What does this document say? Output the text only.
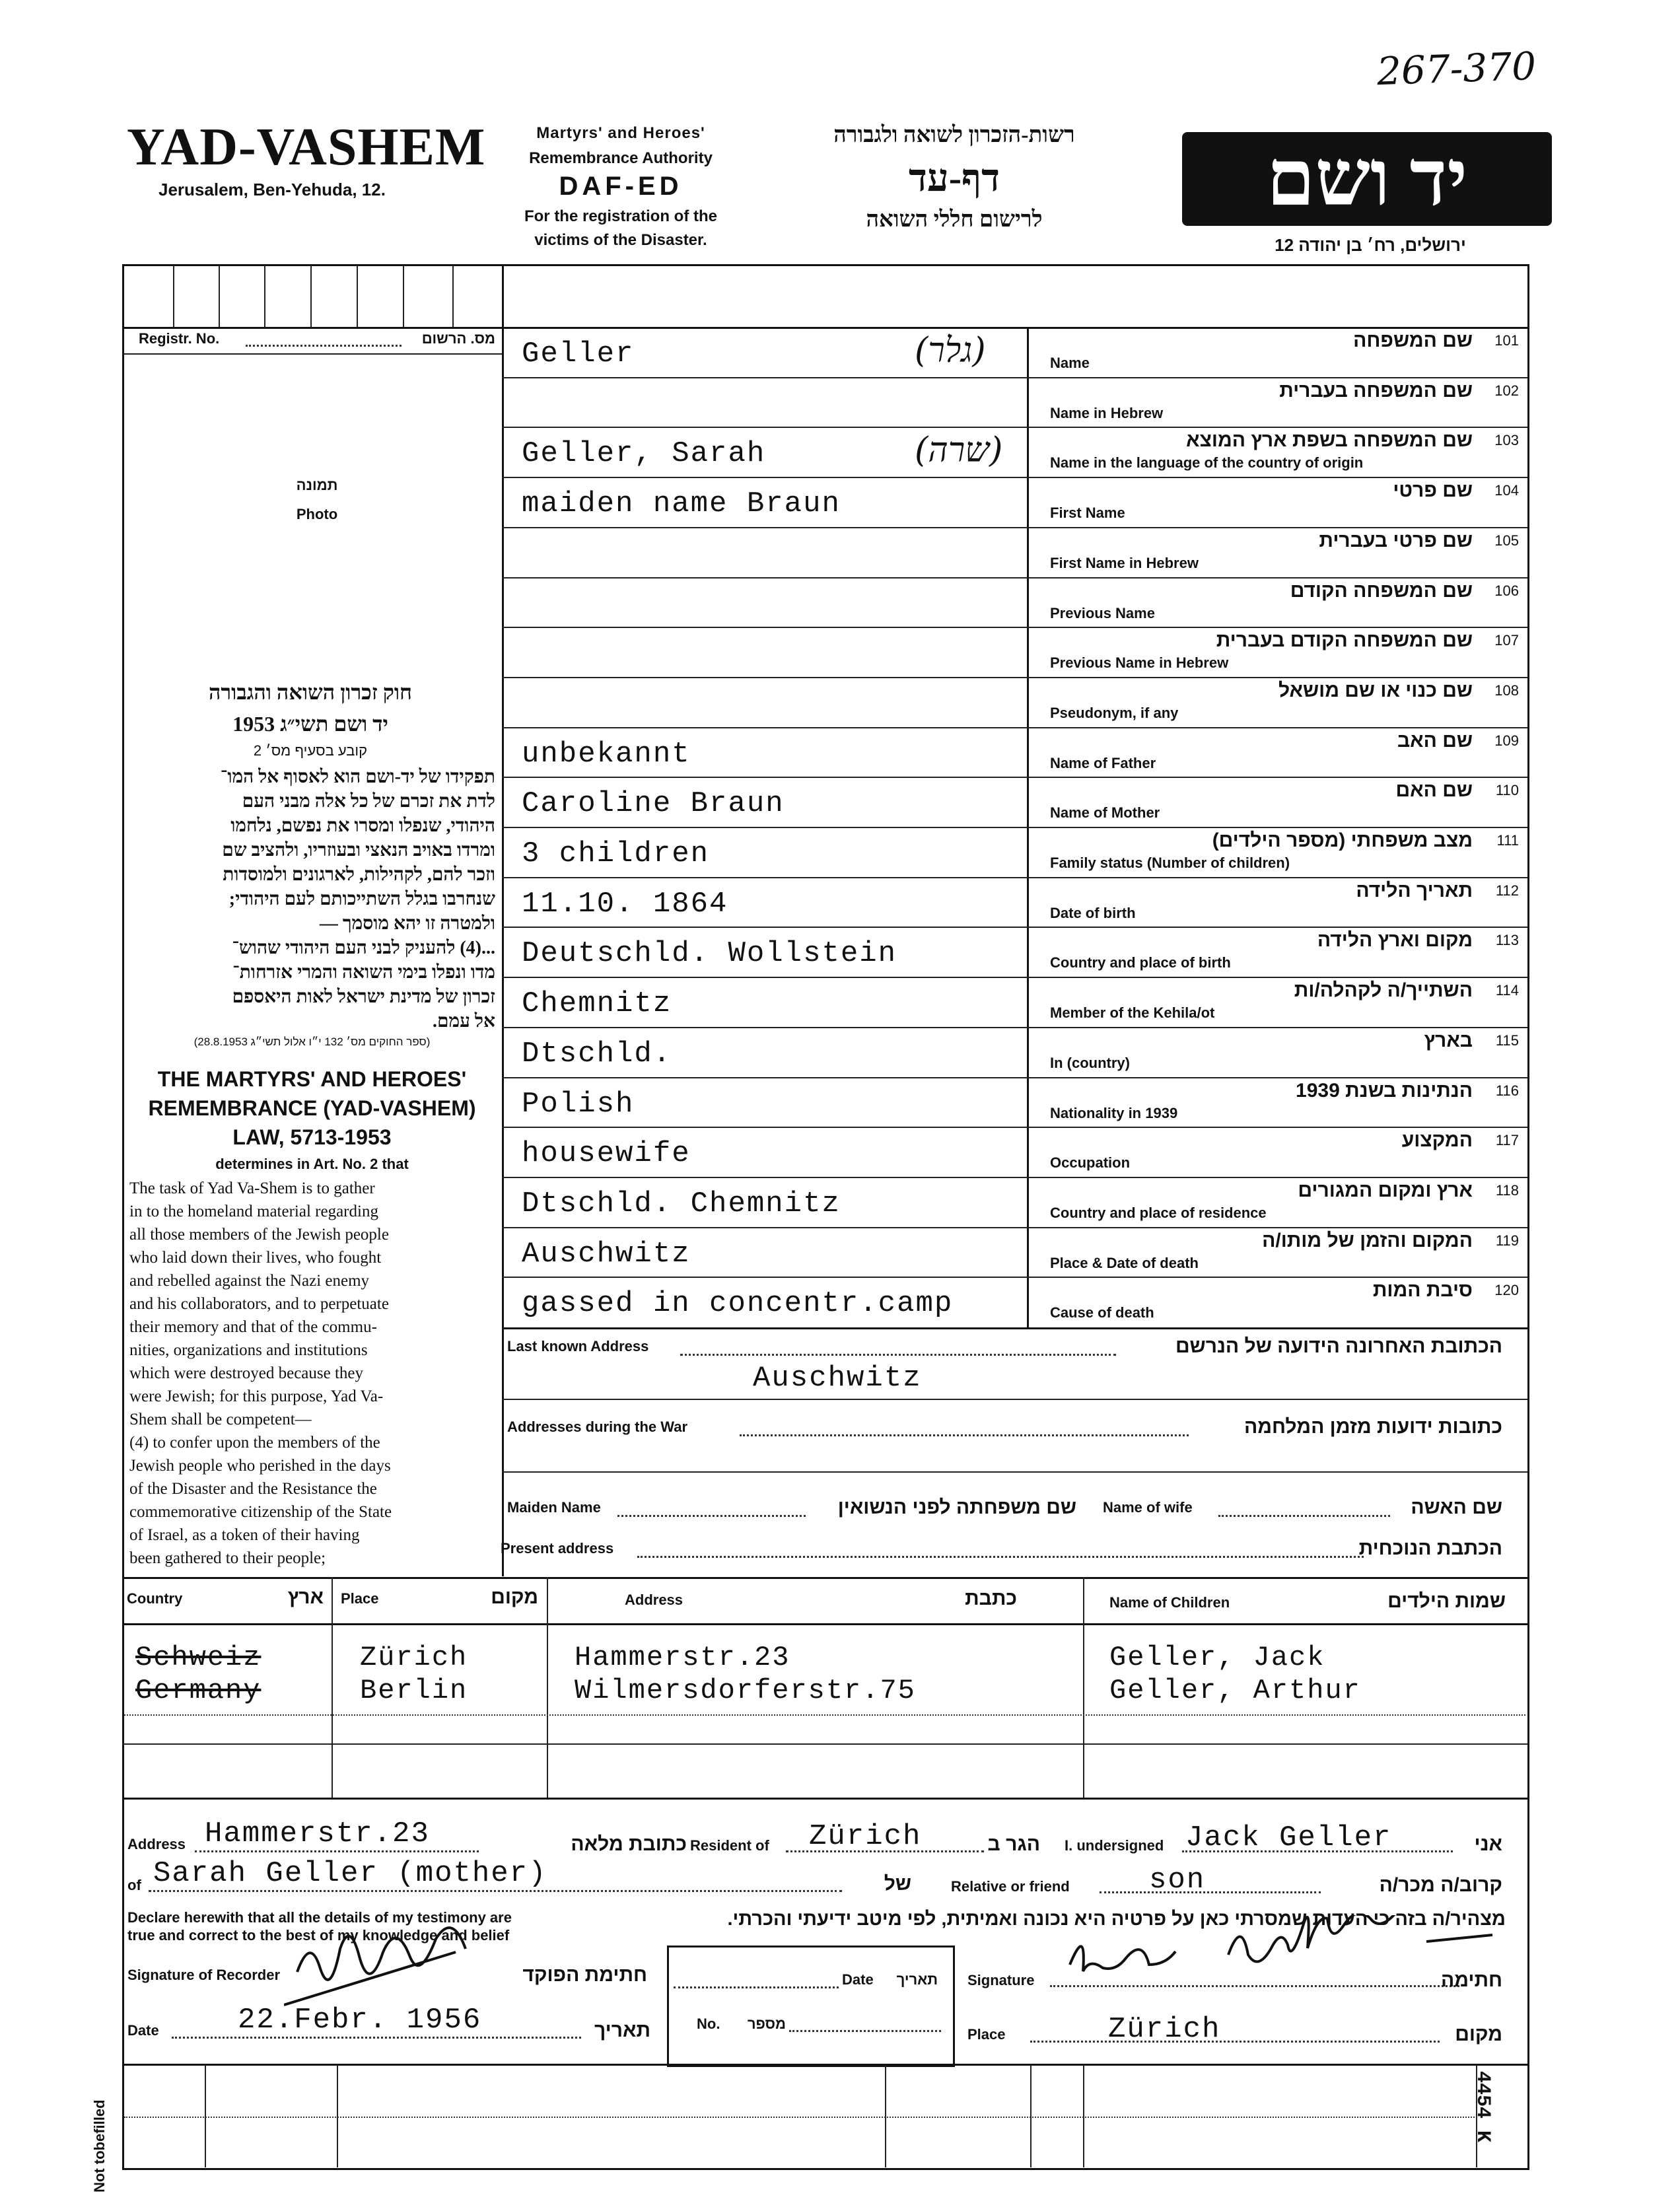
267-370
YAD-VASHEM
Jerusalem, Ben-Yehuda, 12.
Martyrs' and Heroes'
Remembrance Authority
DAF-ED
For the registration of the
victims of the Disaster.
רשות-הזכרון לשואה ולגבורה
דף-עד
לרישום חללי השואה	יד ושם
ירושלים, רח׳ בן יהודה 12
Registr. No.	מס. הרשום
תמונה
Photo
חוק זכרון השואה והגבורה
יד ושם תשי״ג 1953
קובע בסעיף מס׳ 2
תפקידו של יד-ושם הוא לאסוף אל המו־
לדת את זכרם של כל אלה מבני העם
היהודי, שנפלו ומסרו את נפשם, נלחמו
ומרדו באויב הנאצי ובעוזריו, ולהציב שם
וזכר להם, לקהילות, לארגונים ולמוסדות
שנחרבו בגלל השתייכותם לעם היהודי;
ולמטרה זו יהא מוסמך —
...(4) להעניק לבני העם היהודי שהוש־
מדו ונפלו בימי השואה והמרי אזרחות־
זכרון של מדינת ישראל לאות היאספם
אל עמם.
(ספר החוקים מס׳ 132 י״ו אלול תשי״ג 28.8.1953)
THE MARTYRS' AND HEROES'
REMEMBRANCE (YAD-VASHEM)
LAW, 5713-1953
determines in Art. No. 2 that
The task of Yad Va-Shem is to gather
in to the homeland material regarding
all those members of the Jewish people
who laid down their lives, who fought
and rebelled against the Nazi enemy
and his collaborators, and to perpetuate
their memory and that of the commu-
nities, organizations and institutions
which were destroyed because they
were Jewish; for this purpose, Yad Va-
Shem shall be competent—
(4) to confer upon the members of the
Jewish people who perished in the days
of the Disaster and the Resistance the
commemorative citizenship of the State
of Israel, as a token of their having
been gathered to their people;
101
שם המשפחה
Name
Geller	(גלר)
102
שם המשפחה בעברית
Name in Hebrew
103
שם המשפחה בשפת ארץ המוצא
Name in the language of the country of origin
Geller, Sarah	(שרה)
104
שם פרטי
First Name
maiden name Braun
105
שם פרטי בעברית
First Name in Hebrew
106
שם המשפחה הקודם
Previous Name
107
שם המשפחה הקודם בעברית
Previous Name in Hebrew
108
שם כנוי או שם מושאל
Pseudonym, if any
109
שם האב
Name of Father
unbekannt
110
שם האם
Name of Mother
Caroline Braun
111
מצב משפחתי (מספר הילדים)
Family status (Number of children)
3 children
112
תאריך הלידה
Date of birth
11.10. 1864
113
מקום וארץ הלידה
Country and place of birth
Deutschld. Wollstein
114
השתייך/ה לקהלה/ות
Member of the Kehila/ot
Chemnitz
115
בארץ
In (country)
Dtschld.
116
הנתינות בשנת 1939
Nationality in 1939
Polish
117
המקצוע
Occupation
housewife
118
ארץ ומקום המגורים
Country and place of residence
Dtschld. Chemnitz
119
המקום והזמן של מותו/ה
Place & Date of death
Auschwitz
120
סיבת המות
Cause of death
gassed in concentr.camp
Last known Address	הכתובת האחרונה הידועה של הנרשם
Auschwitz
Addresses during the War	כתובות ידועות מזמן המלחמה
Maiden Name	שם משפחתה לפני הנשואין Name of wife	שם האשה
Present address	הכתבת הנוכחית
Country	ארץ Place	מקום	Address	כתבת	Name of Children	שמות הילדים
Schweiz	Zürich	Hammerstr.23	Geller, Jack
Germany	Berlin	Wilmersdorferstr.75	Geller, Arthur
Address Hammerstr.23	כתובת מלאה Resident of Zürich	הגר ב I. undersigned Jack Geller	אני
of Sarah Geller (mother)	של	Relative or friend	son	קרוב/ה מכר/ה
Declare herewith that all the details of my testimony are true and correct to the best of my knowledge and belief
מצהיר/ה בזה כי העדות שמסרתי כאן על פרטיה היא נכונה ואמיתית, לפי מיטב ידיעתי והכרתי.
Signature of Recorder	חתימת הפוקד	Date	תאריך
No.	מספר
Signature	חתימה
Date	22.Febr. 1956	תאריך	Place	Zürich	מקום
Not tobefilled	4454 K
